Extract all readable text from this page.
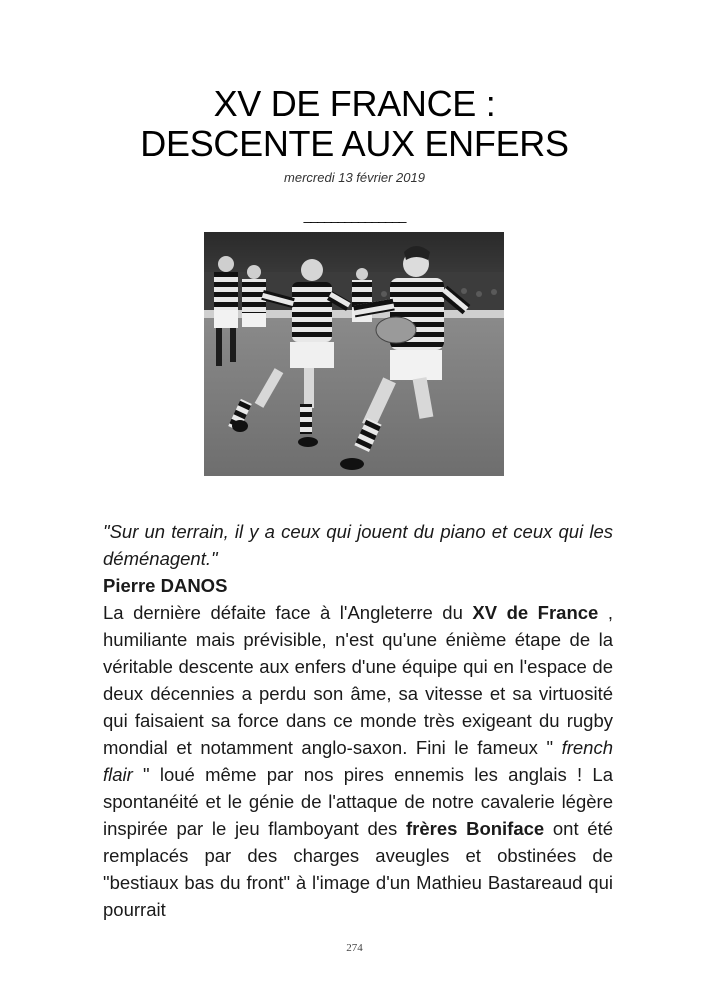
XV DE FRANCE :
DESCENTE AUX ENFERS
mercredi 13 février 2019
_______________
"Sur un terrain, il y a ceux qui jouent du piano et ceux qui les déménagent."
Pierre DANOS
La dernière défaite face à l'Angleterre du XV de France , humiliante mais prévisible, n'est qu'une énième étape de la véritable descente aux enfers d'une équipe qui en l'espace de deux décennies a perdu son âme, sa vitesse et sa virtuosité qui faisaient sa force dans ce monde très exigeant du rugby mondial et notamment anglo-saxon. Fini le fameux " french flair " loué même par nos pires ennemis les anglais ! La spontanéité et le génie de l'attaque de notre cavalerie légère inspirée par le jeu flamboyant des frères Boniface ont été remplacés par des charges aveugles et obstinées de "bestiaux bas du front" à l'image d'un Mathieu Bastareaud qui pourrait
274
